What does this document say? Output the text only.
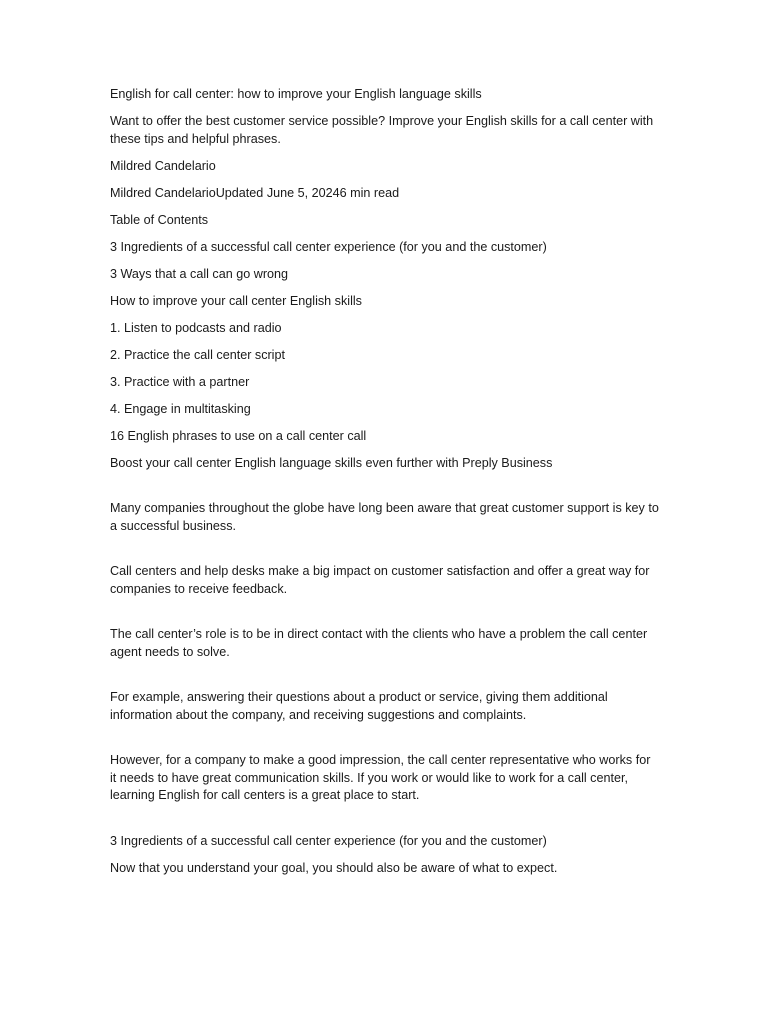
English for call center: how to improve your English language skills

Want to offer the best customer service possible? Improve your English skills for a call center with these tips and helpful phrases.

Mildred Candelario

Mildred CandelarioUpdated June 5, 20246 min read

Table of Contents

3 Ingredients of a successful call center experience (for you and the customer)

3 Ways that a call can go wrong

How to improve your call center English skills

1. Listen to podcasts and radio

2. Practice the call center script

3. Practice with a partner

4. Engage in multitasking

16 English phrases to use on a call center call

Boost your call center English language skills even further with Preply Business

Many companies throughout the globe have long been aware that great customer support is key to a successful business.

Call centers and help desks make a big impact on customer satisfaction and offer a great way for companies to receive feedback.

The call center’s role is to be in direct contact with the clients who have a problem the call center agent needs to solve.

For example, answering their questions about a product or service, giving them additional information about the company, and receiving suggestions and complaints.

However, for a company to make a good impression, the call center representative who works for it needs to have great communication skills. If you work or would like to work for a call center, learning English for call centers is a great place to start.

3 Ingredients of a successful call center experience (for you and the customer)

Now that you understand your goal, you should also be aware of what to expect.
